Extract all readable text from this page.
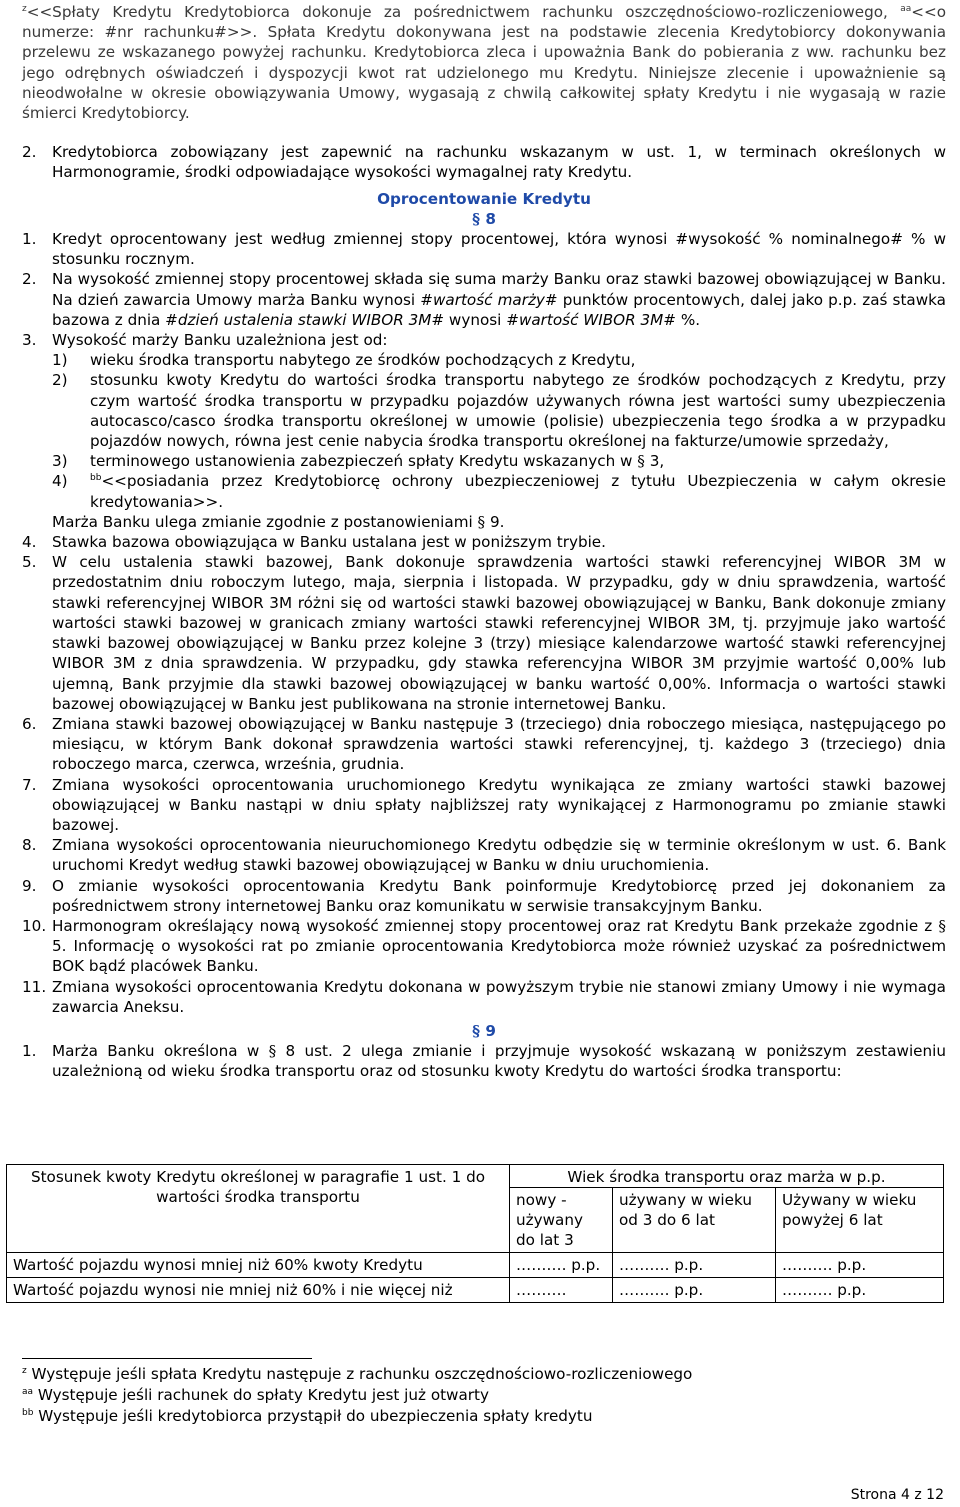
$^z$<<Spłaty Kredytu Kredytobiorca dokonuje za pośrednictwem rachunku oszczędnościowo-rozliczeniowego, $^{aa}$<<o numerze: #nr rachunku#>>. Spłata Kredytu dokonywana jest na podstawie zlecenia Kredytobiorcy dokonywania przelewu ze wskazanego powyżej rachunku. Kredytobiorca zleca i upoważnia Bank do pobierania z ww. rachunku bez jego odrębnych oświadczeń i dyspozycji kwot rat udzielonego mu Kredytu. Niniejsze zlecenie i upoważnienie są nieodwołalne w okresie obowiązywania Umowy, wygasają z chwilą całkowitej spłaty Kredytu i nie wygasają w razie śmierci Kredytobiorcy.

2.	Kredytobiorca zobowiązany jest zapewnić na rachunku wskazanym w ust. 1, w terminach określonych w Harmonogramie, środki odpowiadające wysokości wymagalnej raty Kredytu.
Oprocentowanie Kredytu
§ 8
1.	Kredyt oprocentowany jest według zmiennej stopy procentowej, która wynosi #wysokość % nominalnego# % w stosunku rocznym.
2.	Na wysokość zmiennej stopy procentowej składa się suma marży Banku oraz stawki bazowej obowiązującej w Banku. Na dzień zawarcia Umowy marża Banku wynosi #wartość marży# punktów procentowych, dalej jako p.p. zaś stawka bazowa z dnia #dzień ustalenia stawki WIBOR 3M# wynosi #wartość WIBOR 3M# %.
3.	Wysokość marży Banku uzależniona jest od:
1)	wieku środka transportu nabytego ze środków pochodzących z Kredytu,
2)	stosunku kwoty Kredytu do wartości środka transportu nabytego ze środków pochodzących z Kredytu, przy czym wartość środka transportu w przypadku pojazdów używanych równa jest wartości sumy ubezpieczenia autocasco/casco środka transportu określonej w umowie (polisie) ubezpieczenia tego środka a w przypadku pojazdów nowych, równa jest cenie nabycia środka transportu określonej na fakturze/umowie sprzedaży,
3)	terminowego ustanowienia zabezpieczeń spłaty Kredytu wskazanych w § 3,
4)	$^{bb}$<<posiadania przez Kredytobiorcę ochrony ubezpieczeniowej z tytułu Ubezpieczenia w całym okresie kredytowania>>.
Marża Banku ulega zmianie zgodnie z postanowieniami § 9.
4.	Stawka bazowa obowiązująca w Banku ustalana jest w poniższym trybie.
5.	W celu ustalenia stawki bazowej, Bank dokonuje sprawdzenia wartości stawki referencyjnej WIBOR 3M w przedostatnim dniu roboczym lutego, maja, sierpnia i listopada. W przypadku, gdy w dniu sprawdzenia, wartość stawki referencyjnej WIBOR 3M różni się od wartości stawki bazowej obowiązującej w Banku, Bank dokonuje zmiany wartości stawki bazowej w granicach zmiany wartości stawki referencyjnej WIBOR 3M, tj. przyjmuje jako wartość stawki bazowej obowiązującej w Banku przez kolejne 3 (trzy) miesiące kalendarzowe wartość stawki referencyjnej WIBOR 3M z dnia sprawdzenia. W przypadku, gdy stawka referencyjna WIBOR 3M przyjmie wartość 0,00% lub ujemną, Bank przyjmie dla stawki bazowej obowiązującej w banku wartość 0,00%. Informacja o wartości stawki bazowej obowiązującej w Banku jest publikowana na stronie internetowej Banku.
6.	Zmiana stawki bazowej obowiązującej w Banku następuje 3 (trzeciego) dnia roboczego miesiąca, następującego po miesiącu, w którym Bank dokonał sprawdzenia wartości stawki referencyjnej, tj. każdego 3 (trzeciego) dnia roboczego marca, czerwca, września, grudnia.
7.	Zmiana wysokości oprocentowania uruchomionego Kredytu wynikająca ze zmiany wartości stawki bazowej obowiązującej w Banku nastąpi w dniu spłaty najbliższej raty wynikającej z Harmonogramu po zmianie stawki bazowej.
8.	Zmiana wysokości oprocentowania nieuruchomionego Kredytu odbędzie się w terminie określonym w ust. 6. Bank uruchomi Kredyt według stawki bazowej obowiązującej w Banku w dniu uruchomienia.
9.	O zmianie wysokości oprocentowania Kredytu Bank poinformuje Kredytobiorcę przed jej dokonaniem za pośrednictwem strony internetowej Banku oraz komunikatu w serwisie transakcyjnym Banku.
10. Harmonogram określający nową wysokość zmiennej stopy procentowej oraz rat Kredytu Bank przekaże zgodnie z § 5. Informację o wysokości rat po zmianie oprocentowania Kredytobiorca może również uzyskać za pośrednictwem BOK bądź placówek Banku.
11. Zmiana wysokości oprocentowania Kredytu dokonana w powyższym trybie nie stanowi zmiany Umowy i nie wymaga zawarcia Aneksu.
§ 9
1.	Marża Banku określona w § 8 ust. 2 ulega zmianie i przyjmuje wysokość wskazaną w poniższym zestawieniu uzależnioną od wieku środka transportu oraz od stosunku kwoty Kredytu do wartości środka transportu:
Stosunek kwoty Kredytu określonej w paragrafie 1 ust. 1 do wartości środka transportu	Wiek środka transportu oraz marża w p.p.		
	nowy - używany do lat 3	używany w wieku od 3 do 6 lat	Używany w wieku powyżej 6 lat
Wartość pojazdu wynosi mniej niż 60% kwoty Kredytu	………. p.p.	………. p.p.	………. p.p.
Wartość pojazdu wynosi nie mniej niż 60% i nie więcej niż	……….	………. p.p.	………. p.p.
$^z$ Występuje jeśli spłata Kredytu następuje z rachunku oszczędnościowo-rozliczeniowego
$^{aa}$ Występuje jeśli rachunek do spłaty Kredytu jest już otwarty
$^{bb}$ Występuje jeśli kredytobiorca przystąpił do ubezpieczenia spłaty kredytu
Strona 4 z 12
